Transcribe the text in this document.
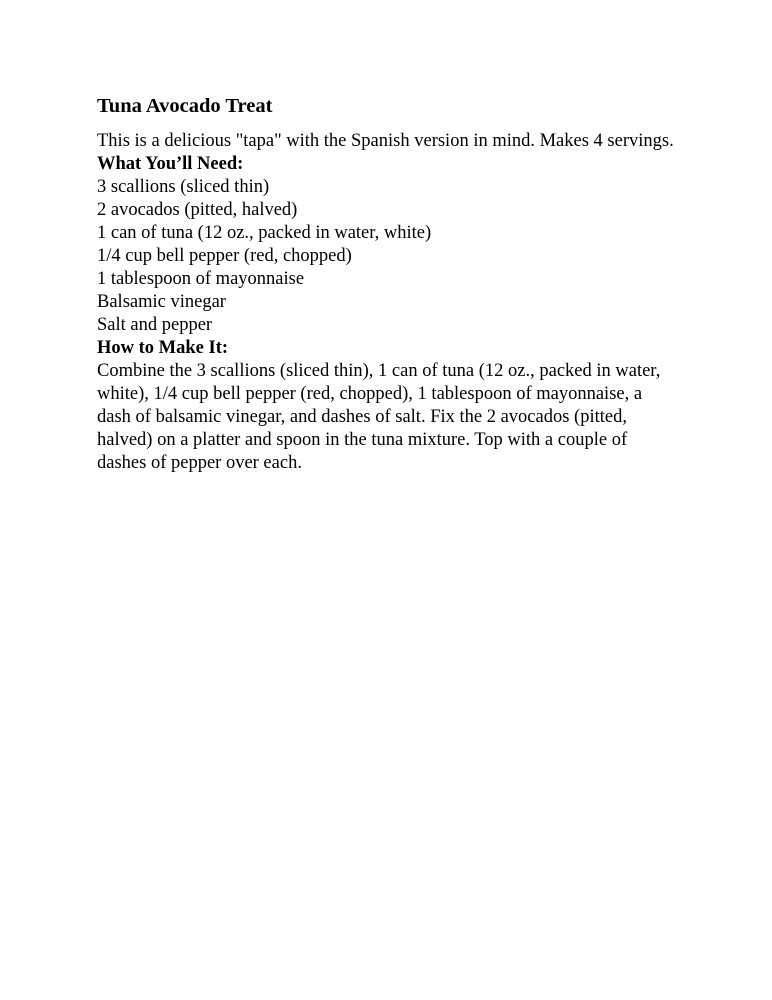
Tuna Avocado Treat

This is a delicious "tapa" with the Spanish version in mind. Makes 4 servings.

What You’ll Need:
3 scallions (sliced thin)
2 avocados (pitted, halved)
1 can of tuna (12 oz., packed in water, white)
1/4 cup bell pepper (red, chopped)
1 tablespoon of mayonnaise
Balsamic vinegar
Salt and pepper
How to Make It:

Combine the 3 scallions (sliced thin), 1 can of tuna (12 oz., packed in water, white), 1/4 cup bell pepper (red, chopped), 1 tablespoon of mayonnaise, a dash of balsamic vinegar, and dashes of salt. Fix the 2 avocados (pitted, halved) on a platter and spoon in the tuna mixture. Top with a couple of dashes of pepper over each.
